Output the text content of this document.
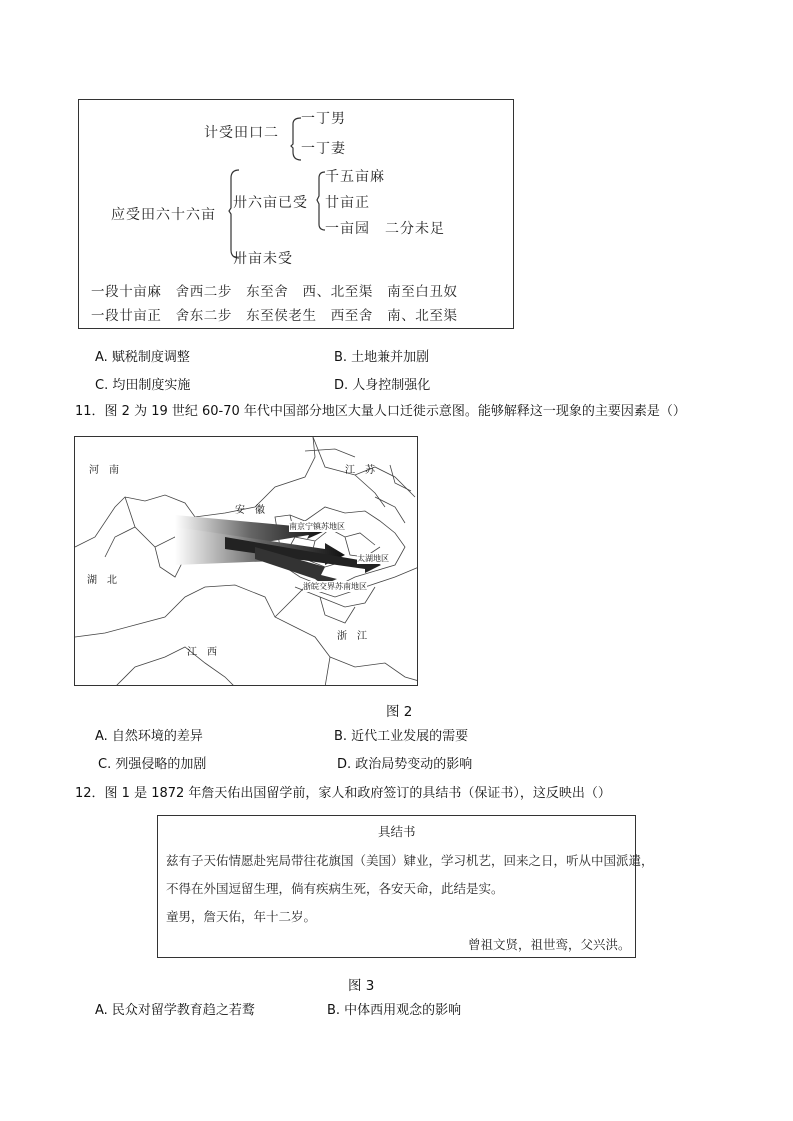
计受田口二
一丁男
一丁妻
应受田六十六亩
卅六亩已受
千五亩麻
廿亩正
一亩园　二分未足
卅亩未受
一段十亩麻　舍西二步　东至舍　西、北至渠　南至白丑奴
一段廿亩正　舍东二步　东至侯老生　西至舍　南、北至渠
A. 赋税制度调整	B. 土地兼并加剧
C. 均田制度实施	D. 人身控制强化
11．图 2 为 19 世纪 60-70 年代中国部分地区大量人口迁徙示意图。能够解释这一现象的主要因素是（）
河　南	江　苏
安　徽
湖　北
江　西
浙　江
南京宁镇苏地区
太湖地区
浙皖交界苏南地区
图 2
A. 自然环境的差异	B. 近代工业发展的需要
C. 列强侵略的加剧	D. 政治局势变动的影响
12．图 1 是 1872 年詹天佑出国留学前，家人和政府签订的具结书（保证书），这反映出（）
具结书
兹有子天佑情愿赴宪局带往花旗国（美国）肄业，学习机艺，回来之日，听从中国派遣，
不得在外国逗留生理，倘有疾病生死，各安天命，此结是实。
童男，詹天佑，年十二岁。
曾祖文贤，祖世鸾，父兴洪。
图 3
A. 民众对留学教育趋之若鹜	B. 中体西用观念的影响
